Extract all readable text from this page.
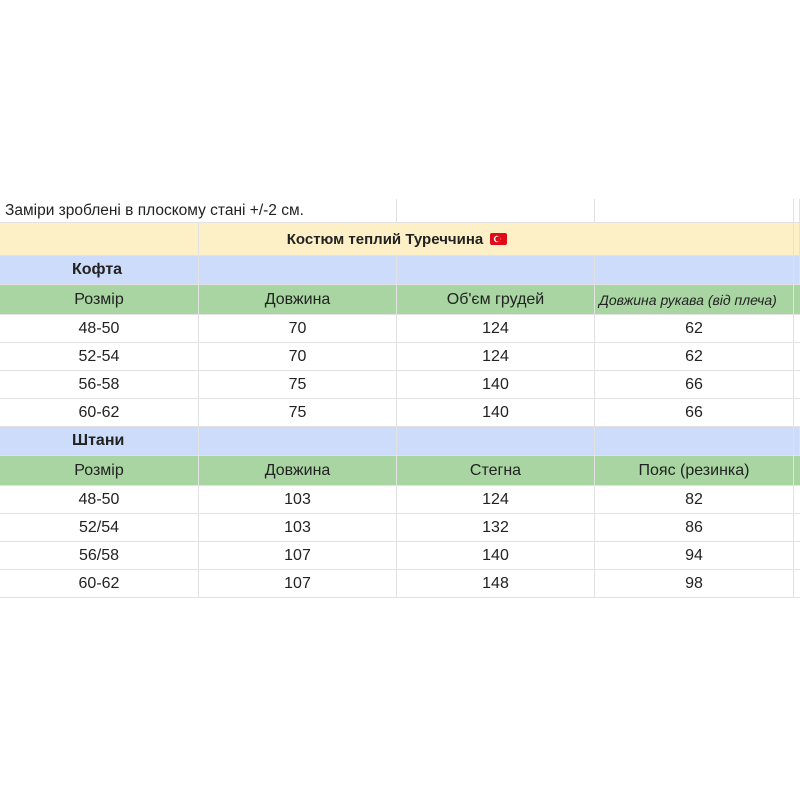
Заміри зроблені в плоскому стані +/-2 см.
Костюм теплий Туреччина
Кофта
Розмір	Довжина	Об'єм грудей	Довжина рукава (від плеча)
48-50	70	124	62
52-54	70	124	62
56-58	75	140	66
60-62	75	140	66
Штани
Розмір	Довжина	Стегна	Пояс (резинка)
48-50	103	124	82
52/54	103	132	86
56/58	107	140	94
60-62	107	148	98
